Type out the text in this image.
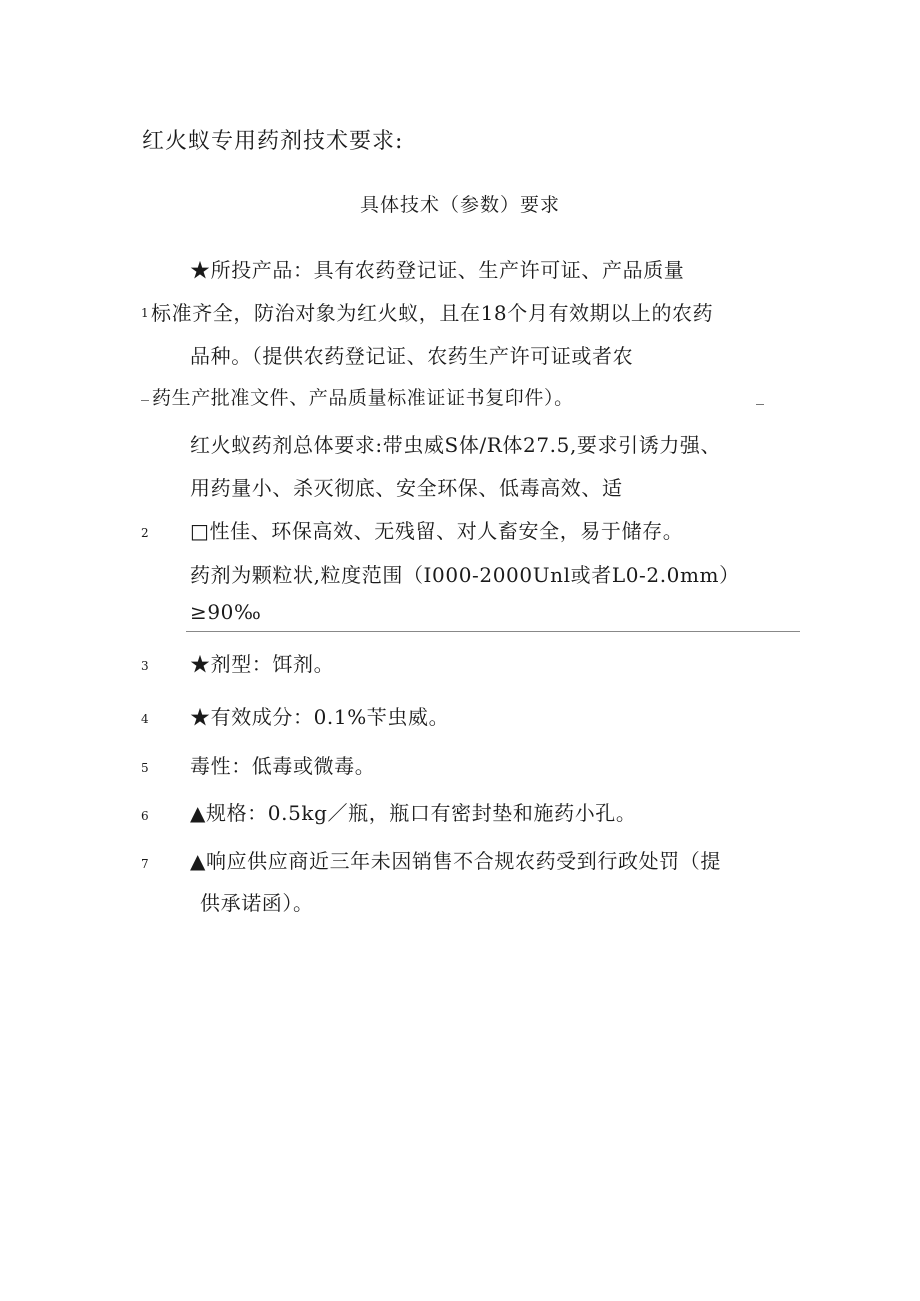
红火蚁专用药剂技术要求:
具体技术（参数）要求
1
★所投产品：具有农药登记证、生产许可证、产品质量
标准齐全，防治对象为红火蚁，且在18个月有效期以上的农药
品种。（提供农药登记证、农药生产许可证或者农
_ 药生产批准文件、产品质量标准证证书复印件）。	_
2
红火蚁药剂总体要求:带虫威S体/R体27.5,要求引诱力强、
用药量小、杀灭彻底、安全环保、低毒高效、适
□性佳、环保高效、无残留、对人畜安全，易于储存。
药剂为颗粒状,粒度范围（I000-2000Unl或者L0-2.0mm）
≥90‰
3 ★剂型：饵剂。
4 ★有效成分：0.1%苄虫威。
5 毒性：低毒或微毒。
6 ▲规格：0.5kg／瓶，瓶口有密封垫和施药小孔。
7 ▲响应供应商近三年未因销售不合规农药受到行政处罚（提
供承诺函）。
